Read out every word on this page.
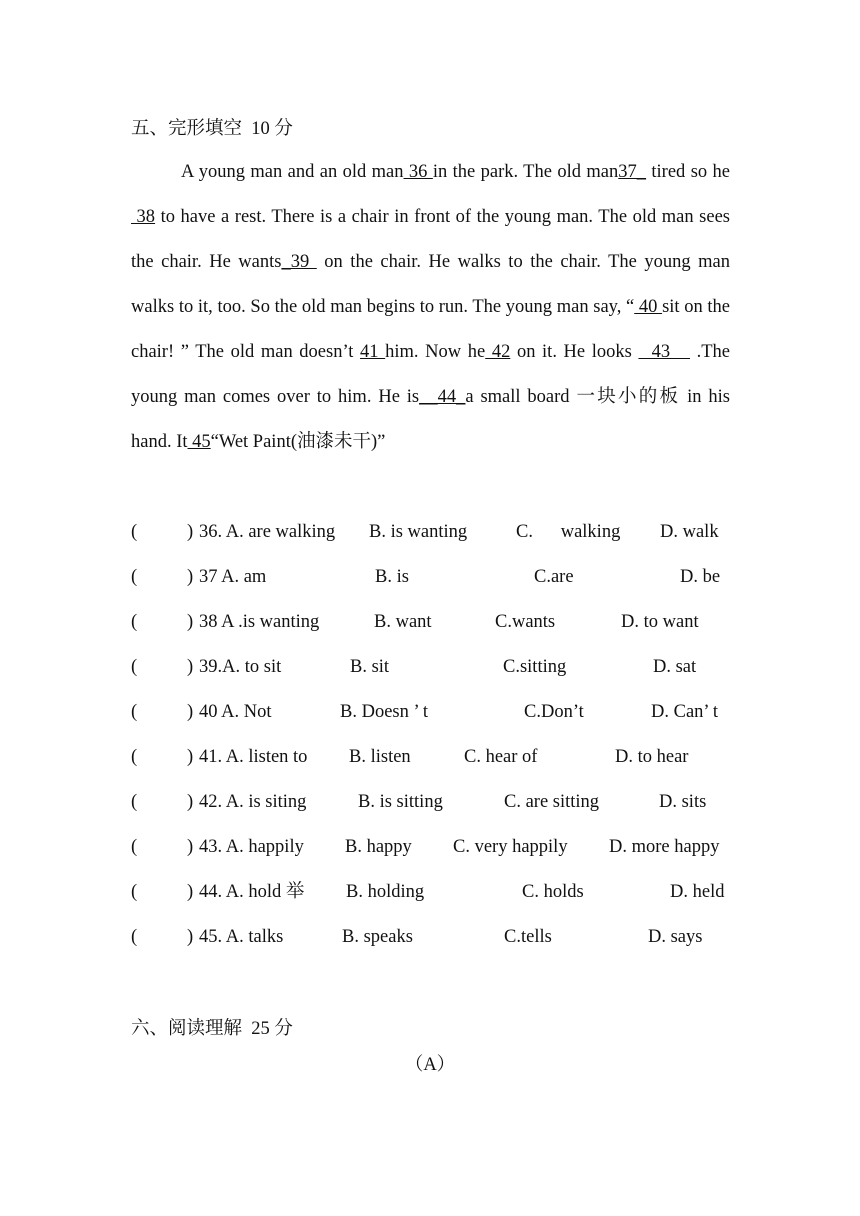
五、完形填空  10 分
A young man and an old man 36 in the park. The old man37_ tired so he 38 to have a rest. There is a chair in front of the young man. The old man sees the chair. He wants_39  on the chair. He walks to the chair. The young man walks to it, too. So the old man begins to run. The young man say, “ 40 sit on the chair! ” The old man doesn’t 41 him. Now he 42 on it. He looks   43    .The young man comes over to him. He is__44_a small board 一块小的板 in his hand. It 45“Wet Paint(油漆未干)”
(	) 36. A. are walking B. is wanting	C.      walking D. walk
(	) 37 A. am	B. is	C.are	D. be
(	) 38 A .is wanting	B. want	C.wants	D. to want
(	) 39.A. to sit	B. sit	C.sitting	D. sat
(	) 40 A. Not	B. Doesn ’ t	C.Don’t	D. Can’ t
(	) 41. A. listen to B. listen	C. hear of	D. to hear
(	) 42. A. is siting	B. is sitting	C. are sitting	D. sits
(	) 43. A. happily B. happy C. very happily D. more happy
(	) 44. A. hold 举 B. holding	C. holds	D. held
(	) 45. A. talks	B. speaks	C.tells	D. says
六、阅读理解  25 分
（A）
